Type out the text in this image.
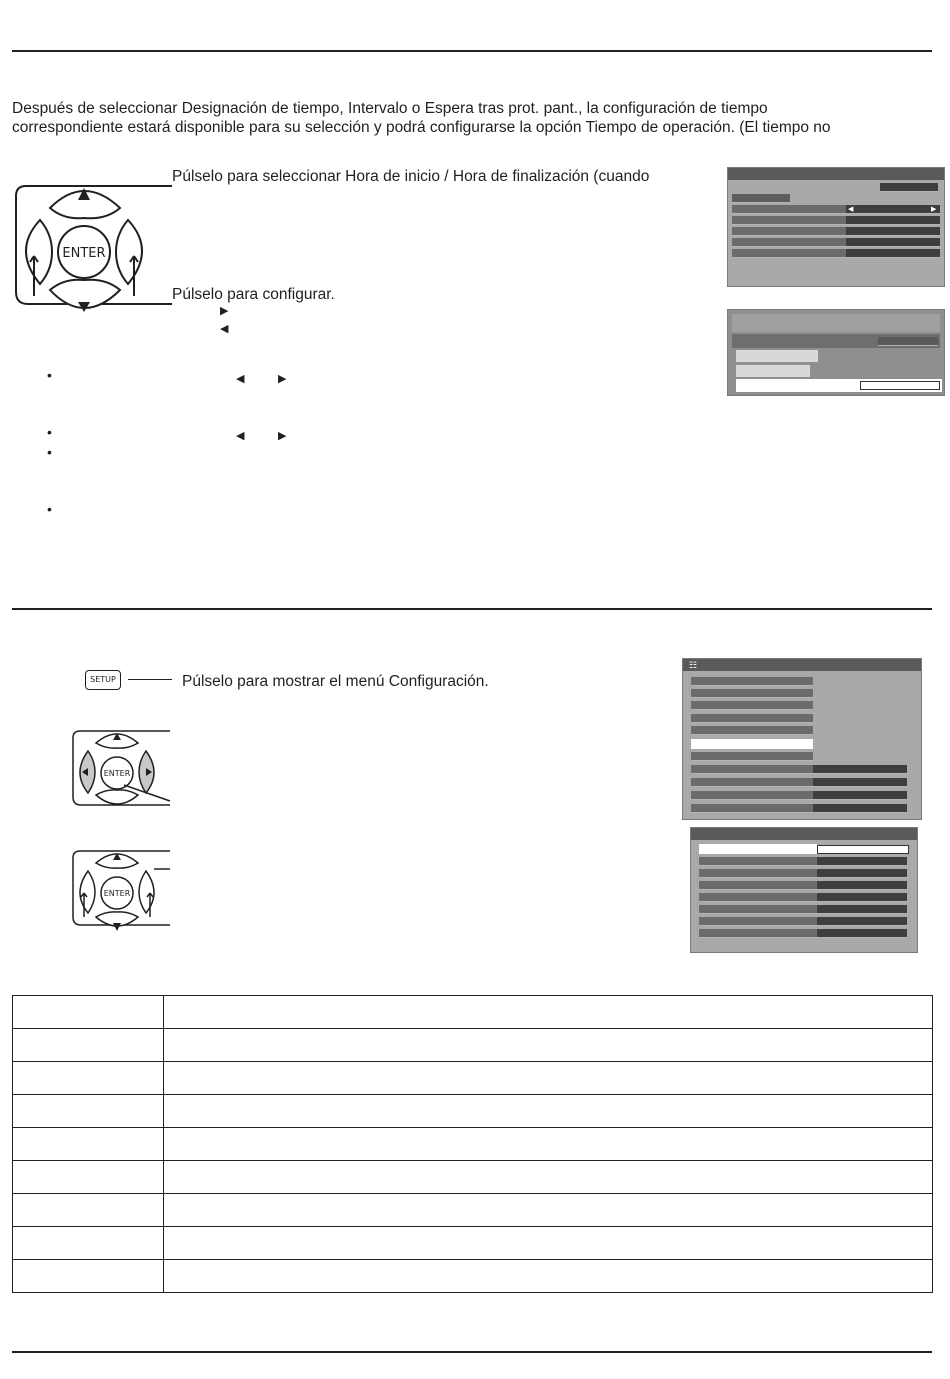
Después de seleccionar Designación de tiempo, Intervalo o Espera tras prot. pant., la configuración de tiempo
correspondiente estará disponible para su selección y podrá configurarse la opción Tiempo de operación. (El tiempo no
ENTER
Púlselo para seleccionar Hora de inicio / Hora de finalización (cuando
Púlselo para configurar.
▶
◀
•	◀	▶
•	◀	▶
•
•
◀	▶
SETUP	Púlselo para mostrar el menú Configuración.
ENTER
ENTER
☷
